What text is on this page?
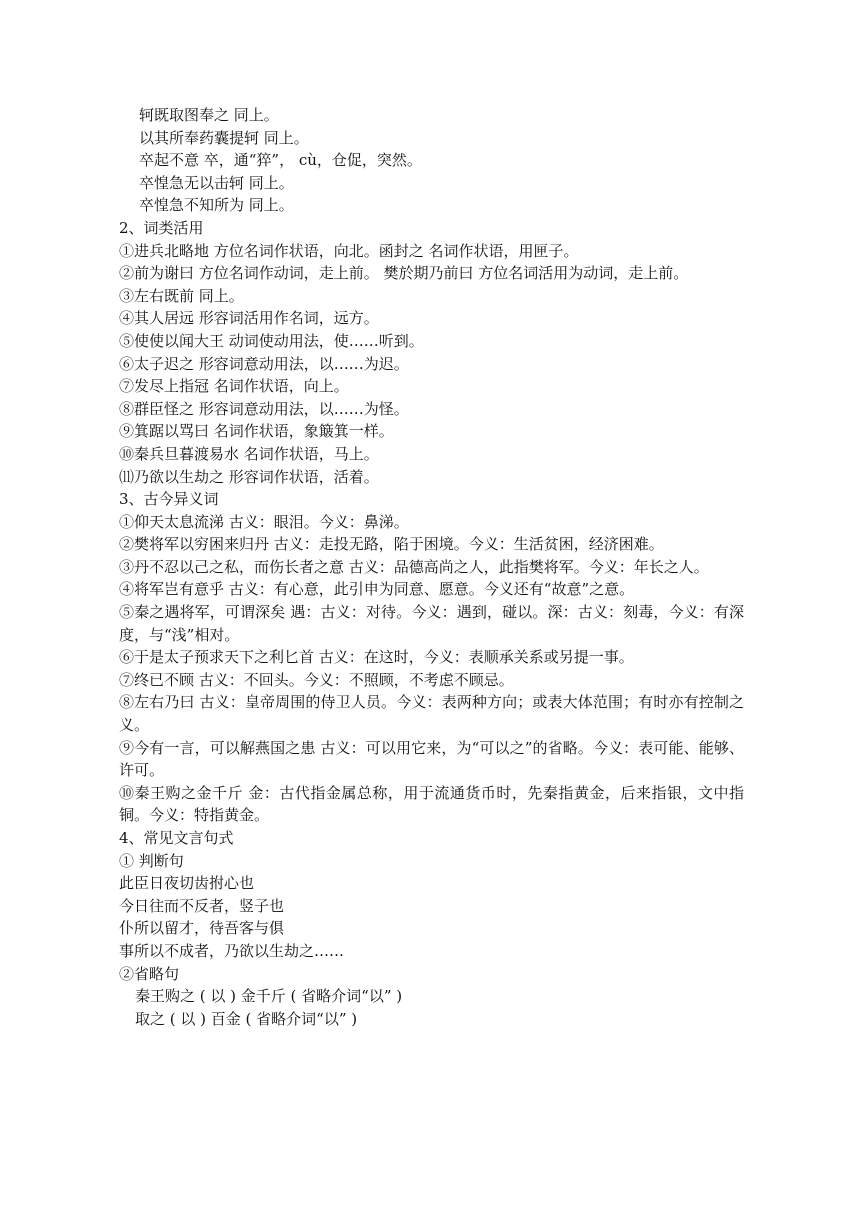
轲既取图奉之 同上。
以其所奉药囊提轲 同上。
卒起不意 卒，通“猝”， cù，仓促，突然。
卒惶急无以击轲 同上。
卒惶急不知所为 同上。
2、词类活用
①进兵北略地 方位名词作状语，向北。函封之 名词作状语，用匣子。
②前为谢曰 方位名词作动词，走上前。 樊於期乃前曰 方位名词活用为动词，走上前。
③左右既前 同上。
④其人居远 形容词活用作名词，远方。
⑤使使以闻大王 动词使动用法，使……听到。
⑥太子迟之 形容词意动用法，以……为迟。
⑦发尽上指冠 名词作状语，向上。
⑧群臣怪之 形容词意动用法，以……为怪。
⑨箕踞以骂曰 名词作状语，象簸箕一样。
⑩秦兵旦暮渡易水 名词作状语，马上。
⑾乃欲以生劫之 形容词作状语，活着。
3、古今异义词
①仰天太息流涕 古义：眼泪。今义：鼻涕。
②樊将军以穷困来归丹 古义：走投无路，陷于困境。今义：生活贫困，经济困难。
③丹不忍以己之私，而伤长者之意 古义：品德高尚之人，此指樊将军。今义：年长之人。
④将军岂有意乎 古义：有心意，此引申为同意、愿意。今义还有“故意”之意。
⑤秦之遇将军，可谓深矣 遇：古义：对待。今义：遇到，碰以。深：古义：刻毒，今义：有深度，与“浅”相对。
⑥于是太子预求天下之利匕首 古义：在这时，今义：表顺承关系或另提一事。
⑦终已不顾 古义：不回头。今义：不照顾，不考虑不顾忌。
⑧左右乃曰 古义：皇帝周围的侍卫人员。今义：表两种方向；或表大体范围；有时亦有控制之义。
⑨今有一言，可以解燕国之患 古义：可以用它来，为“可以之”的省略。今义：表可能、能够、许可。
⑩秦王购之金千斤 金：古代指金属总称，用于流通货币时，先秦指黄金，后来指银，文中指铜。今义：特指黄金。
4、常见文言句式
① 判断句
此臣日夜切齿拊心也
今日往而不反者，竖子也
仆所以留才，待吾客与俱
事所以不成者，乃欲以生劫之……
②省略句
秦王购之 ( 以 ) 金千斤 ( 省略介词“以” )
取之 ( 以 ) 百金 ( 省略介词“以” )
